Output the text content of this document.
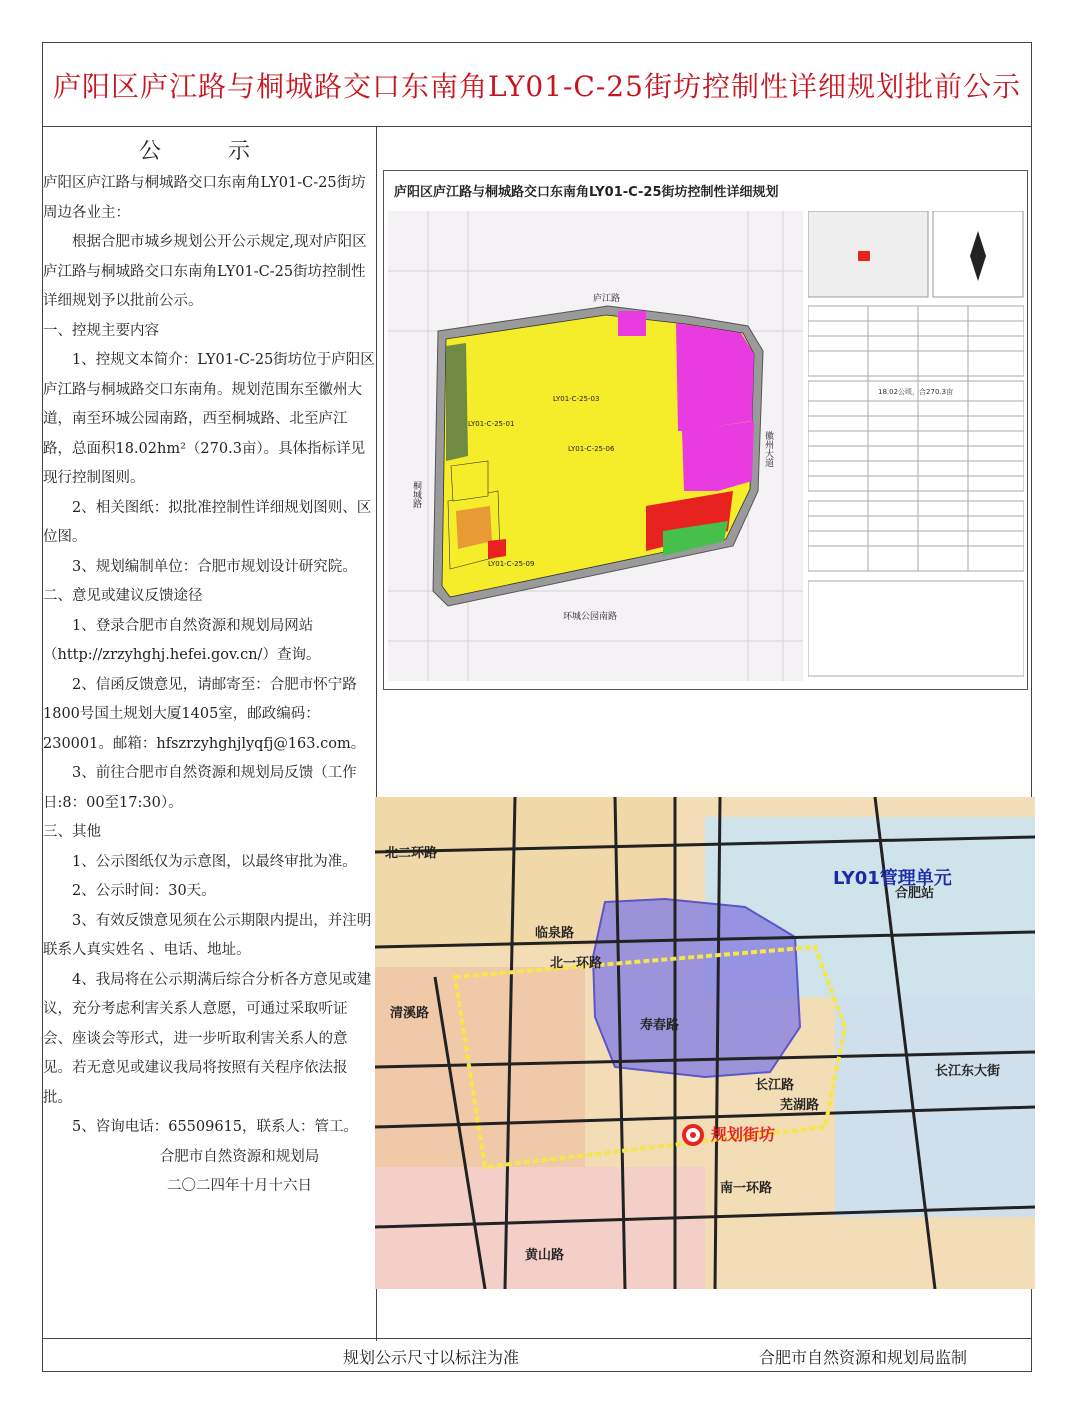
庐阳区庐江路与桐城路交口东南角LY01-C-25街坊控制性详细规划批前公示
公 示

庐阳区庐江路与桐城路交口东南角LY01-C-25街坊周边各业主：

根据合肥市城乡规划公开公示规定,现对庐阳区庐江路与桐城路交口东南角LY01-C-25街坊控制性详细规划予以批前公示。

一、控规主要内容

1、控规文本简介：LY01-C-25街坊位于庐阳区庐江路与桐城路交口东南角。规划范围东至徽州大道，南至环城公园南路，西至桐城路、北至庐江路，总面积18.02hm²（270.3亩）。具体指标详见现行控制图则。

2、相关图纸：拟批准控制性详细规划图则、区位图。

3、规划编制单位：合肥市规划设计研究院。

二、意见或建议反馈途径

1、登录合肥市自然资源和规划局网站（http://zrzyhghj.hefei.gov.cn/）查询。

2、信函反馈意见，请邮寄至：合肥市怀宁路1800号国土规划大厦1405室，邮政编码：230001。邮箱：hfszrzyhghjlyqfj@163.com。

3、前往合肥市自然资源和规划局反馈（工作日:8：00至17:30）。

三、其他

1、公示图纸仅为示意图，以最终审批为准。

2、公示时间：30天。

3、有效反馈意见须在公示期限内提出，并注明联系人真实姓名 、电话、地址。

4、我局将在公示期满后综合分析各方意见或建议，充分考虑利害关系人意愿，可通过采取听证会、座谈会等形式，进一步听取利害关系人的意见。若无意见或建议我局将按照有关程序依法报批。

5、咨询电话：65509615，联系人：管工。

合肥市自然资源和规划局

二〇二四年十月十六日

规划公示尺寸以标注为准	合肥市自然资源和规划局监制
庐阳区庐江路与桐城路交口东南角LY01-C-25街坊控制性详细规划
庐江路
徽州大道
环城公园南路
桐城路
LY01-C-25-03
LY01-C-25-06
LY01-C-25-01
LY01-C-25-09
18.02公顷，合270.3亩
北二环路
北一环路
寿春路
长江路
长江东大街
芜湖路
南一环路
清溪路
临泉路
黄山路
合肥站
LY01管理单元
规划街坊
